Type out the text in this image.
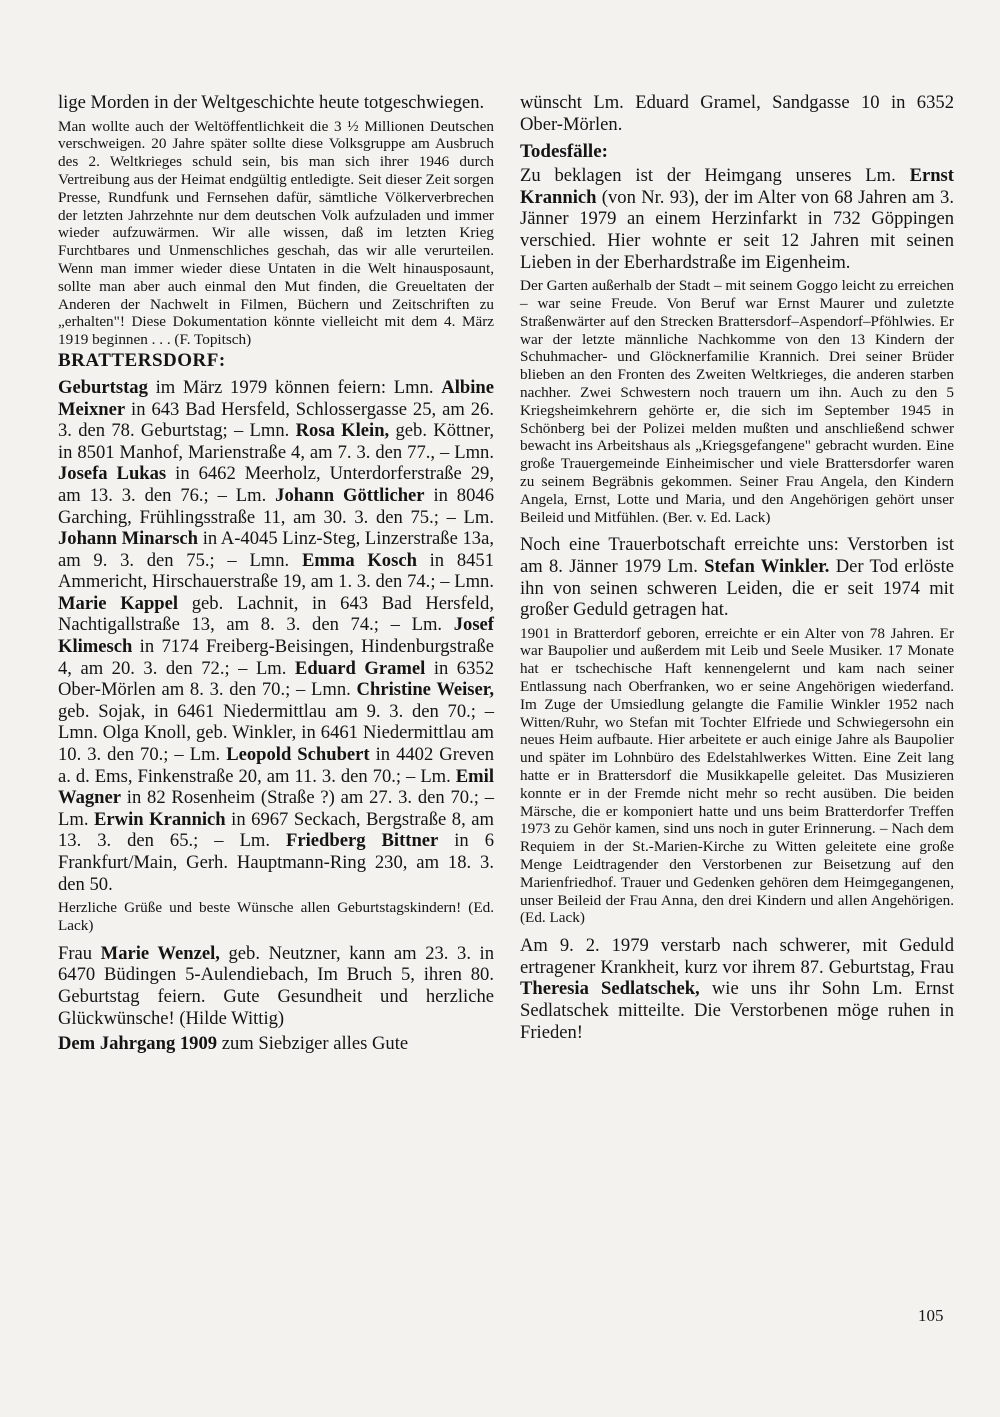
lige Morden in der Weltgeschichte heute totgeschwiegen.

Man wollte auch der Weltöffentlichkeit die 3 ½ Millionen Deutschen verschweigen. 20 Jahre später sollte diese Volksgruppe am Ausbruch des 2. Weltkrieges schuld sein, bis man sich ihrer 1946 durch Vertreibung aus der Heimat endgültig entledigte. Seit dieser Zeit sorgen Presse, Rundfunk und Fernsehen dafür, sämtliche Völkerverbrechen der letzten Jahrzehnte nur dem deutschen Volk aufzuladen und immer wieder aufzuwärmen. Wir alle wissen, daß im letzten Krieg Furchtbares und Unmenschliches geschah, das wir alle verurteilen. Wenn man immer wieder diese Untaten in die Welt hinausposaunt, sollte man aber auch einmal den Mut finden, die Greueltaten der Anderen der Nachwelt in Filmen, Büchern und Zeitschriften zu „erhalten"! Diese Dokumentation könnte vielleicht mit dem 4. März 1919 beginnen . . . (F. Topitsch)

BRATTERSDORF:

Geburtstag im März 1979 können feiern: Lmn. Albine Meixner in 643 Bad Hersfeld, Schlossergasse 25, am 26. 3. den 78. Geburtstag; – Lmn. Rosa Klein, geb. Köttner, in 8501 Manhof, Marienstraße 4, am 7. 3. den 77., – Lmn. Josefa Lukas in 6462 Meerholz, Unterdorferstraße 29, am 13. 3. den 76.; – Lm. Johann Göttlicher in 8046 Garching, Frühlingsstraße 11, am 30. 3. den 75.; – Lm. Johann Minarsch in A-4045 Linz-Steg, Linzerstraße 13a, am 9. 3. den 75.; – Lmn. Emma Kosch in 8451 Ammericht, Hirschauerstraße 19, am 1. 3. den 74.; – Lmn. Marie Kappel geb. Lachnit, in 643 Bad Hersfeld, Nachtigallstraße 13, am 8. 3. den 74.; – Lm. Josef Klimesch in 7174 Freiberg-Beisingen, Hindenburgstraße 4, am 20. 3. den 72.; – Lm. Eduard Gramel in 6352 Ober-Mörlen am 8. 3. den 70.; – Lmn. Christine Weiser, geb. Sojak, in 6461 Niedermittlau am 9. 3. den 70.; – Lmn. Olga Knoll, geb. Winkler, in 6461 Niedermittlau am 10. 3. den 70.; – Lm. Leopold Schubert in 4402 Greven a. d. Ems, Finkenstraße 20, am 11. 3. den 70.; – Lm. Emil Wagner in 82 Rosenheim (Straße ?) am 27. 3. den 70.; – Lm. Erwin Krannich in 6967 Seckach, Bergstraße 8, am 13. 3. den 65.; – Lm. Friedberg Bittner in 6 Frankfurt/Main, Gerh. Hauptmann-Ring 230, am 18. 3. den 50.

Herzliche Grüße und beste Wünsche allen Geburtstagskindern! (Ed. Lack)

Frau Marie Wenzel, geb. Neutzner, kann am 23. 3. in 6470 Büdingen 5-Aulendiebach, Im Bruch 5, ihren 80. Geburtstag feiern. Gute Gesundheit und herzliche Glückwünsche! (Hilde Wittig)

Dem Jahrgang 1909 zum Siebziger alles Gute

wünscht Lm. Eduard Gramel, Sandgasse 10 in 6352 Ober-Mörlen.

Todesfälle:

Zu beklagen ist der Heimgang unseres Lm. Ernst Krannich (von Nr. 93), der im Alter von 68 Jahren am 3. Jänner 1979 an einem Herzinfarkt in 732 Göppingen verschied. Hier wohnte er seit 12 Jahren mit seinen Lieben in der Eberhardstraße im Eigenheim.

Der Garten außerhalb der Stadt – mit seinem Goggo leicht zu erreichen – war seine Freude. Von Beruf war Ernst Maurer und zuletzte Straßenwärter auf den Strecken Brattersdorf–Aspendorf–Pföhlwies. Er war der letzte männliche Nachkomme von den 13 Kindern der Schuhmacher- und Glöcknerfamilie Krannich. Drei seiner Brüder blieben an den Fronten des Zweiten Weltkrieges, die anderen starben nachher. Zwei Schwestern noch trauern um ihn. Auch zu den 5 Kriegsheimkehrern gehörte er, die sich im September 1945 in Schönberg bei der Polizei melden mußten und anschließend schwer bewacht ins Arbeitshaus als „Kriegsgefangene" gebracht wurden. Eine große Trauergemeinde Einheimischer und viele Brattersdorfer waren zu seinem Begräbnis gekommen. Seiner Frau Angela, den Kindern Angela, Ernst, Lotte und Maria, und den Angehörigen gehört unser Beileid und Mitfühlen. (Ber. v. Ed. Lack)

Noch eine Trauerbotschaft erreichte uns: Verstorben ist am 8. Jänner 1979 Lm. Stefan Winkler. Der Tod erlöste ihn von seinen schweren Leiden, die er seit 1974 mit großer Geduld getragen hat.

1901 in Bratterdorf geboren, erreichte er ein Alter von 78 Jahren. Er war Baupolier und außerdem mit Leib und Seele Musiker. 17 Monate hat er tschechische Haft kennengelernt und kam nach seiner Entlassung nach Oberfranken, wo er seine Angehörigen wiederfand. Im Zuge der Umsiedlung gelangte die Familie Winkler 1952 nach Witten/Ruhr, wo Stefan mit Tochter Elfriede und Schwiegersohn ein neues Heim aufbaute. Hier arbeitete er auch einige Jahre als Baupolier und später im Lohnbüro des Edelstahlwerkes Witten. Eine Zeit lang hatte er in Brattersdorf die Musikkapelle geleitet. Das Musizieren konnte er in der Fremde nicht mehr so recht ausüben. Die beiden Märsche, die er komponiert hatte und uns beim Bratterdorfer Treffen 1973 zu Gehör kamen, sind uns noch in guter Erinnerung. – Nach dem Requiem in der St.-Marien-Kirche zu Witten geleitete eine große Menge Leidtragender den Verstorbenen zur Beisetzung auf den Marienfriedhof. Trauer und Gedenken gehören dem Heimgegangenen, unser Beileid der Frau Anna, den drei Kindern und allen Angehörigen. (Ed. Lack)

Am 9. 2. 1979 verstarb nach schwerer, mit Geduld ertragener Krankheit, kurz vor ihrem 87. Geburtstag, Frau Theresia Sedlatschek, wie uns ihr Sohn Lm. Ernst Sedlatschek mitteilte. Die Verstorbenen möge ruhen in Frieden!

105
